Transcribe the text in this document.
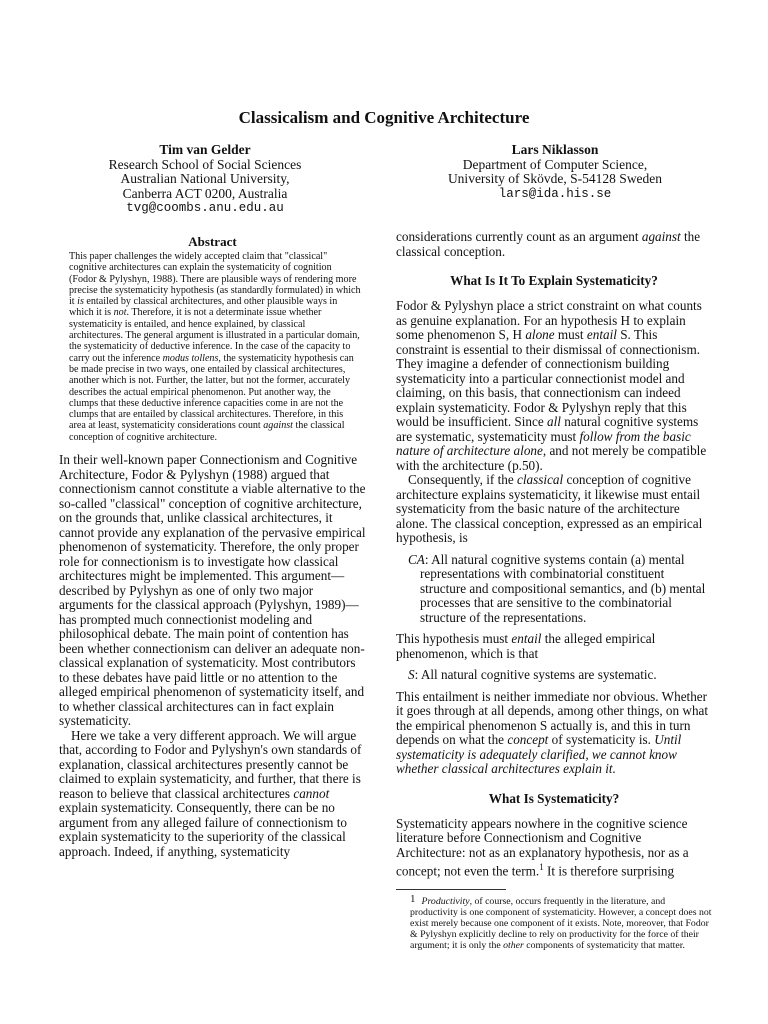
Classicalism and Cognitive Architecture
Tim van Gelder
Research School of Social Sciences
Australian National University,
Canberra ACT 0200, Australia
tvg@coombs.anu.edu.au
Lars Niklasson
Department of Computer Science,
University of Skövde, S-54128 Sweden
lars@ida.his.se
Abstract

This paper challenges the widely accepted claim that "classical" cognitive architectures can explain the systematicity of cognition (Fodor & Pylyshyn, 1988). There are plausible ways of rendering more precise the systematicity hypothesis (as standardly formulated) in which it is entailed by classical architectures, and other plausible ways in which it is not. Therefore, it is not a determinate issue whether systematicity is entailed, and hence explained, by classical architectures. The general argument is illustrated in a particular domain, the systematicity of deductive inference. In the case of the capacity to carry out the inference modus tollens, the systematicity hypothesis can be made precise in two ways, one entailed by classical architectures, another which is not. Further, the latter, but not the former, accurately describes the actual empirical phenomenon. Put another way, the clumps that these deductive inference capacities come in are not the clumps that are entailed by classical architectures. Therefore, in this area at least, systematicity considerations count against the classical conception of cognitive architecture.

In their well-known paper Connectionism and Cognitive Architecture, Fodor & Pylyshyn (1988) argued that connectionism cannot constitute a viable alternative to the so-called "classical" conception of cognitive architecture, on the grounds that, unlike classical architectures, it cannot provide any explanation of the pervasive empirical phenomenon of systematicity. Therefore, the only proper role for connectionism is to investigate how classical architectures might be implemented. This argument—described by Pylyshyn as one of only two major arguments for the classical approach (Pylyshyn, 1989)—has prompted much connectionist modeling and philosophical debate. The main point of contention has been whether connectionism can deliver an adequate non-classical explanation of systematicity. Most contributors to these debates have paid little or no attention to the alleged empirical phenomenon of systematicity itself, and to whether classical architectures can in fact explain systematicity.

Here we take a very different approach. We will argue that, according to Fodor and Pylyshyn's own standards of explanation, classical architectures presently cannot be claimed to explain systematicity, and further, that there is reason to believe that classical architectures cannot explain systematicity. Consequently, there can be no argument from any alleged failure of connectionism to explain systematicity to the superiority of the classical approach. Indeed, if anything, systematicity

considerations currently count as an argument against the classical conception.

What Is It To Explain Systematicity?

Fodor & Pylyshyn place a strict constraint on what counts as genuine explanation. For an hypothesis H to explain some phenomenon S, H alone must entail S. This constraint is essential to their dismissal of connectionism. They imagine a defender of connectionism building systematicity into a particular connectionist model and claiming, on this basis, that connectionism can indeed explain systematicity. Fodor & Pylyshyn reply that this would be insufficient. Since all natural cognitive systems are systematic, systematicity must follow from the basic nature of architecture alone, and not merely be compatible with the architecture (p.50).

Consequently, if the classical conception of cognitive architecture explains systematicity, it likewise must entail systematicity from the basic nature of the architecture alone. The classical conception, expressed as an empirical hypothesis, is

CA: All natural cognitive systems contain (a) mental representations with combinatorial constituent structure and compositional semantics, and (b) mental processes that are sensitive to the combinatorial structure of the representations.

This hypothesis must entail the alleged empirical phenomenon, which is that

S: All natural cognitive systems are systematic.

This entailment is neither immediate nor obvious. Whether it goes through at all depends, among other things, on what the empirical phenomenon S actually is, and this in turn depends on what the concept of systematicity is. Until systematicity is adequately clarified, we cannot know whether classical architectures explain it.

What Is Systematicity?

Systematicity appears nowhere in the cognitive science literature before Connectionism and Cognitive Architecture: not as an explanatory hypothesis, nor as a concept; not even the term.$^1$ It is therefore surprising

1 Productivity, of course, occurs frequently in the literature, and productivity is one component of systematicity. However, a concept does not exist merely because one component of it exists. Note, moreover, that Fodor & Pylyshyn explicitly decline to rely on productivity for the force of their argument; it is only the other components of systematicity that matter.
